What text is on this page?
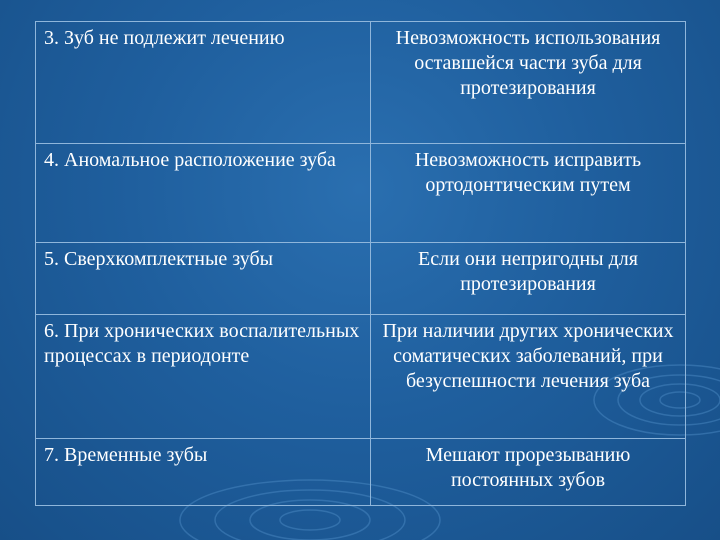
3. Зуб не подлежит лечению	Невозможность использования оставшейся части зуба для протезирования
4. Аномальное расположение зуба	Невозможность исправить ортодонтическим путем
5. Сверхкомплектные зубы	Если они непригодны для протезирования
6. При хронических воспалительных процессах в периодонте	При наличии других хронических соматических заболеваний, при безуспешности лечения зуба
7. Временные зубы	Мешают прорезыванию постоянных зубов
